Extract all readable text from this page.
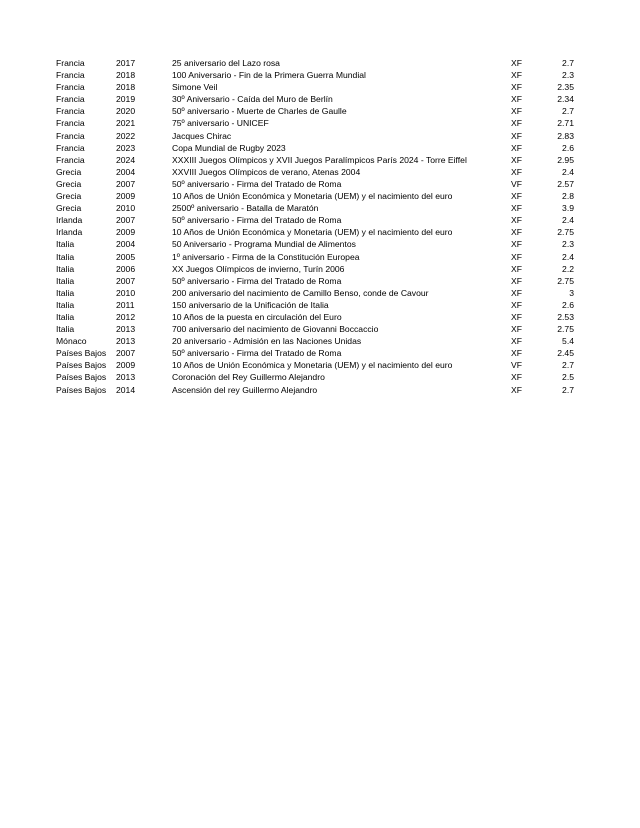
Francia	2017	25 aniversario del Lazo rosa	XF	2.7
Francia	2018	100 Aniversario - Fin de la Primera Guerra Mundial	XF	2.3
Francia	2018	Simone Veil	XF	2.35
Francia	2019	30º Aniversario - Caída del Muro de Berlín	XF	2.34
Francia	2020	50º aniversario - Muerte de Charles de Gaulle	XF	2.7
Francia	2021	75º aniversario - UNICEF	XF	2.71
Francia	2022	Jacques Chirac	XF	2.83
Francia	2023	Copa Mundial de Rugby 2023	XF	2.6
Francia	2024	XXXIII Juegos Olímpicos y XVII Juegos Paralímpicos París 2024 - Torre Eiffel	XF	2.95
Grecia	2004	XXVIII Juegos Olímpicos de verano, Atenas 2004	XF	2.4
Grecia	2007	50º aniversario - Firma del Tratado de Roma	VF	2.57
Grecia	2009	10 Años de Unión Económica y Monetaria (UEM) y el nacimiento del euro	XF	2.8
Grecia	2010	2500º aniversario - Batalla de Maratón	XF	3.9
Irlanda	2007	50º aniversario - Firma del Tratado de Roma	XF	2.4
Irlanda	2009	10 Años de Unión Económica y Monetaria (UEM) y el nacimiento del euro	XF	2.75
Italia	2004	50 Aniversario - Programa Mundial de Alimentos	XF	2.3
Italia	2005	1º aniversario - Firma de la Constitución Europea	XF	2.4
Italia	2006	XX Juegos Olímpicos de invierno, Turín 2006	XF	2.2
Italia	2007	50º aniversario - Firma del Tratado de Roma	XF	2.75
Italia	2010	200 aniversario del nacimiento de Camillo Benso, conde de Cavour	XF	3
Italia	2011	150 aniversario de la Unificación de Italia	XF	2.6
Italia	2012	10 Años de la puesta en circulación del Euro	XF	2.53
Italia	2013	700 aniversario del nacimiento de Giovanni Boccaccio	XF	2.75
Mónaco	2013	20 aniversario - Admisión en las Naciones Unidas	XF	5.4
Países Bajos	2007	50º aniversario - Firma del Tratado de Roma	XF	2.45
Países Bajos	2009	10 Años de Unión Económica y Monetaria (UEM) y el nacimiento del euro	VF	2.7
Países Bajos	2013	Coronación del Rey Guillermo Alejandro	XF	2.5
Países Bajos	2014	Ascensión del rey Guillermo Alejandro	XF	2.7
